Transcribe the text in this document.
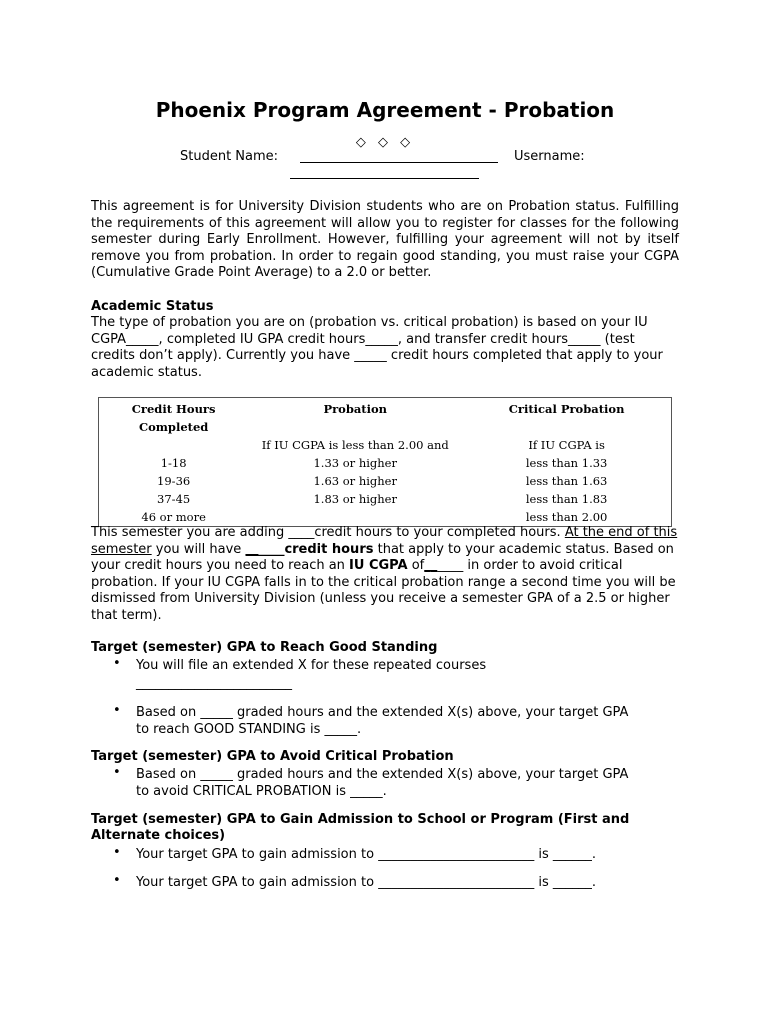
Phoenix Program Agreement - Probation
◇ ◇ ◇
Student Name:	Username:

This agreement is for University Division students who are on Probation status. Fulfilling the requirements of this agreement will allow you to register for classes for the following semester during Early Enrollment. However, fulfilling your agreement will not by itself remove you from probation. In order to regain good standing, you must raise your CGPA (Cumulative Grade Point Average) to a 2.0 or better.

Academic Status

The type of probation you are on (probation vs. critical probation) is based on your IU CGPA_____, completed IU GPA credit hours_____, and transfer credit hours_____ (test credits don’t apply). Currently you have _____ credit hours completed that apply to your academic status.

Credit Hours Completed	Probation	Critical Probation
	If IU CGPA is less than 2.00 and	If IU CGPA is
1-18	1.33 or higher	less than 1.33
19-36	1.63 or higher	less than 1.63
37-45	1.83 or higher	less than 1.83
46 or more		less than 2.00

This semester you are adding ____credit hours to your completed hours. At the end of this semester you will have ______credit hours that apply to your academic status. Based on your credit hours you need to reach an IU CGPA of______ in order to avoid critical probation. If your IU CGPA falls in to the critical probation range a second time you will be dismissed from University Division (unless you receive a semester GPA of a 2.5 or higher that term).

Target (semester) GPA to Reach Good Standing

• You will file an extended X for these repeated courses

________________________

• Based on _____ graded hours and the extended X(s) above, your target GPA

to reach GOOD STANDING is _____.

Target (semester) GPA to Avoid Critical Probation

• Based on _____ graded hours and the extended X(s) above, your target GPA

to avoid CRITICAL PROBATION is _____.

Target (semester) GPA to Gain Admission to School or Program (First and

Alternate choices)

• Your target GPA to gain admission to ________________________ is ______.

• Your target GPA to gain admission to ________________________ is ______.
